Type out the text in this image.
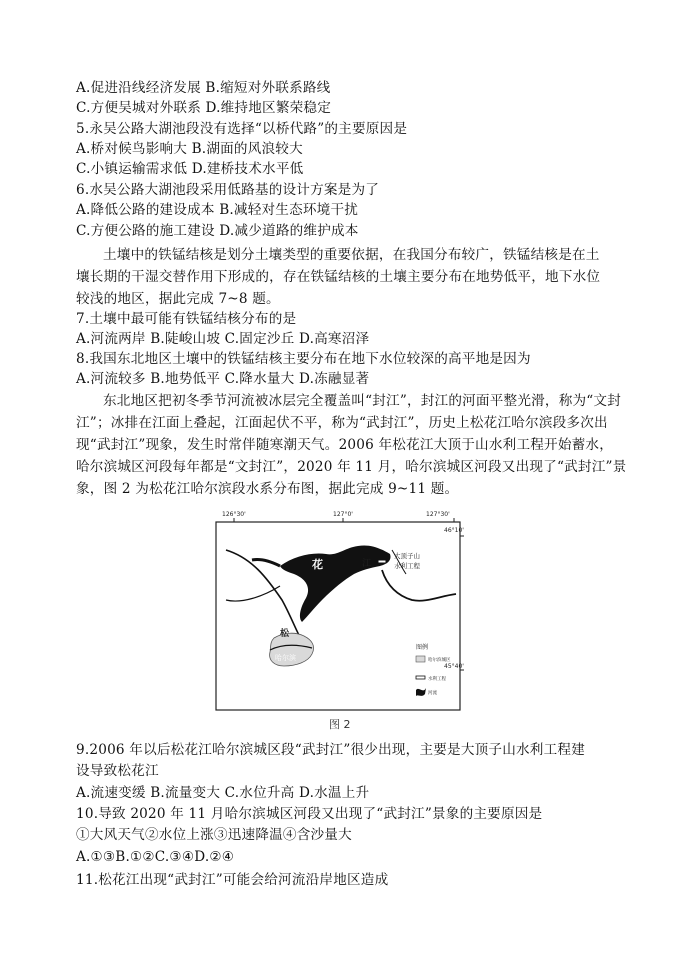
A.促进沿线经济发展 B.缩短对外联系路线
C.方便吴城对外联系 D.维持地区繁荣稳定
5.永吴公路大湖池段没有选择“以桥代路”的主要原因是
A.桥对候鸟影响大 B.湖面的风浪较大
C.小镇运输需求低 D.建桥技术水平低
6.水吴公路大湖池段采用低路基的设计方案是为了
A.降低公路的建设成本 B.减轻对生态环境干扰
C.方便公路的施工建设 D.减少道路的维护成本
土壤中的铁锰结核是划分土壤类型的重要依据，在我国分布较广，铁锰结核是在土
壤长期的干湿交替作用下形成的，存在铁锰结核的土壤主要分布在地势低平，地下水位
较浅的地区，据此完成 7~8 题。
7.土壤中最可能有铁锰结核分布的是
A.河流两岸 B.陡峻山坡 C.固定沙丘 D.高寒沼泽
8.我国东北地区土壤中的铁锰结核主要分布在地下水位较深的高平地是因为
A.河流较多 B.地势低平 C.降水量大 D.冻融显著
东北地区把初冬季节河流被冰层完全覆盖叫“封江”，封江的河面平整光滑，称为“文封
江”；冰排在江面上叠起，江面起伏不平，称为“武封江”，历史上松花江哈尔滨段多次出
现“武封江”现象，发生时常伴随寒潮天气。2006 年松花江大顶于山水利工程开始蓄水，
哈尔滨城区河段每年都是“文封江”，2020 年 11 月，哈尔滨城区河段又出现了“武封江”景
象，图 2 为松花江哈尔滨段水系分布图，据此完成 9~11 题。
126°30'	127°0'	127°30'
46°10'
45°40'
花	江
大顶子山
水利工程
松
哈尔滨
图例
哈尔滨城区
水利工程
河流
图 2
9.2006 年以后松花江哈尔滨城区段“武封江”很少出现，主要是大顶子山水利工程建
设导致松花江
A.流速变缓 B.流量变大 C.水位升高 D.水温上升
10.导致 2020 年 11 月哈尔滨城区河段又出现了“武封江”景象的主要原因是
①大风天气②水位上涨③迅速降温④含沙量大
A.①③B.①②C.③④D.②④
11.松花江出现“武封江”可能会给河流沿岸地区造成
